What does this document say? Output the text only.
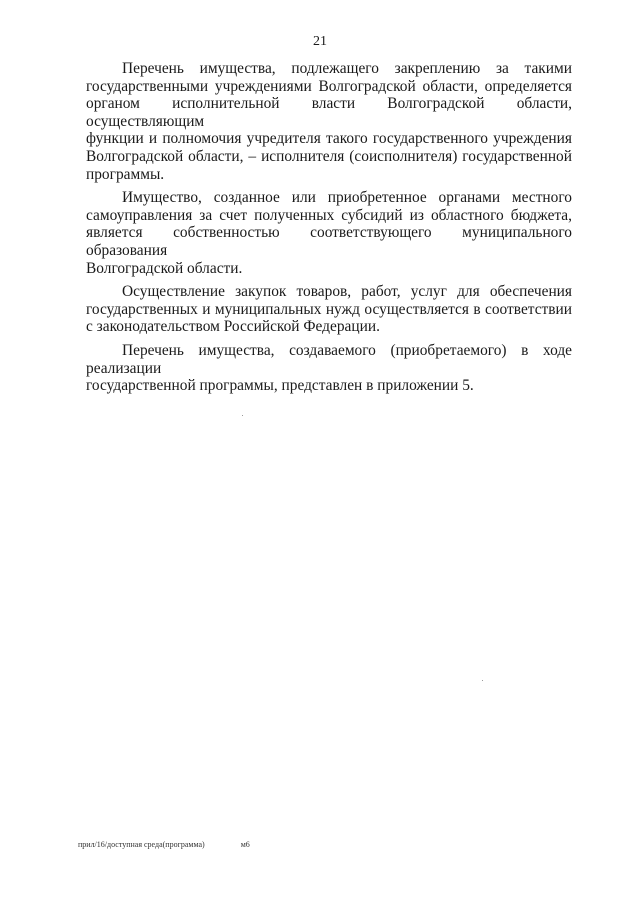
21

Перечень имущества, подлежащего закреплению за такими
государственными учреждениями Волгоградской области, определяется
органом исполнительной власти Волгоградской области, осуществляющим
функции и полномочия учредителя такого государственного учреждения
Волгоградской области, – исполнителя (соисполнителя) государственной
программы.

Имущество, созданное или приобретенное органами местного
самоуправления за счет полученных субсидий из областного бюджета,
является собственностью соответствующего муниципального образования
Волгоградской области.

Осуществление закупок товаров, работ, услуг для обеспечения
государственных и муниципальных нужд осуществляется в соответствии
с законодательством Российской Федерации.

Перечень имущества, создаваемого (приобретаемого) в ходе реализации
государственной программы, представлен в приложении 5.

прил/16/доступная среда(программа)	м6
